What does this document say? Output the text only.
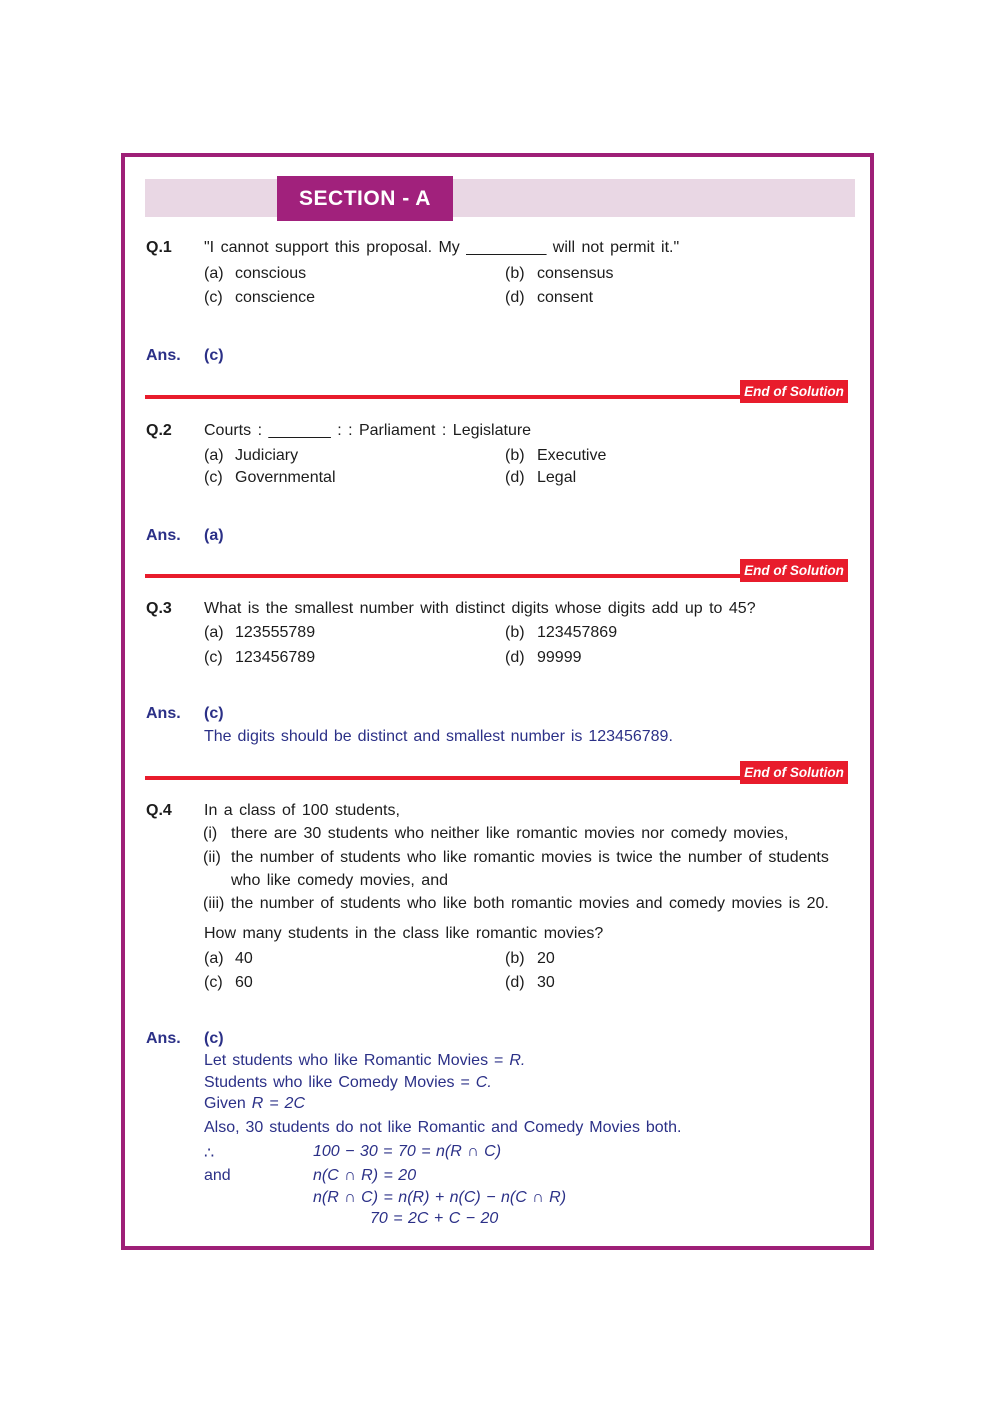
SECTION - A
Q.1 "I cannot support this proposal. My _________ will not permit it."
(a) conscious	(b) consensus
(c) conscience	(d) consent
Ans. (c)
End of Solution
Q.2 Courts : _______ : : Parliament : Legislature
(a) Judiciary	(b) Executive
(c) Governmental	(d) Legal
Ans. (a)
End of Solution
Q.3 What is the smallest number with distinct digits whose digits add up to 45?
(a) 123555789	(b) 123457869
(c) 123456789	(d) 99999
Ans. (c)
The digits should be distinct and smallest number is 123456789.
End of Solution
Q.4 In a class of 100 students,
(i) there are 30 students who neither like romantic movies nor comedy movies,
(ii) the number of students who like romantic movies is twice the number of students
who like comedy movies, and
(iii) the number of students who like both romantic movies and comedy movies is 20.
How many students in the class like romantic movies?
(a) 40	(b) 20
(c) 60	(d) 30
Ans. (c)
Let students who like Romantic Movies = R.
Students who like Comedy Movies = C.
Given R = 2C
Also, 30 students do not like Romantic and Comedy Movies both.
∴	100 − 30 = 70 = n(R ∩ C)
and	n(C ∩ R) = 20
n(R ∩ C) = n(R) + n(C) − n(C ∩ R)
70 = 2C + C − 20
